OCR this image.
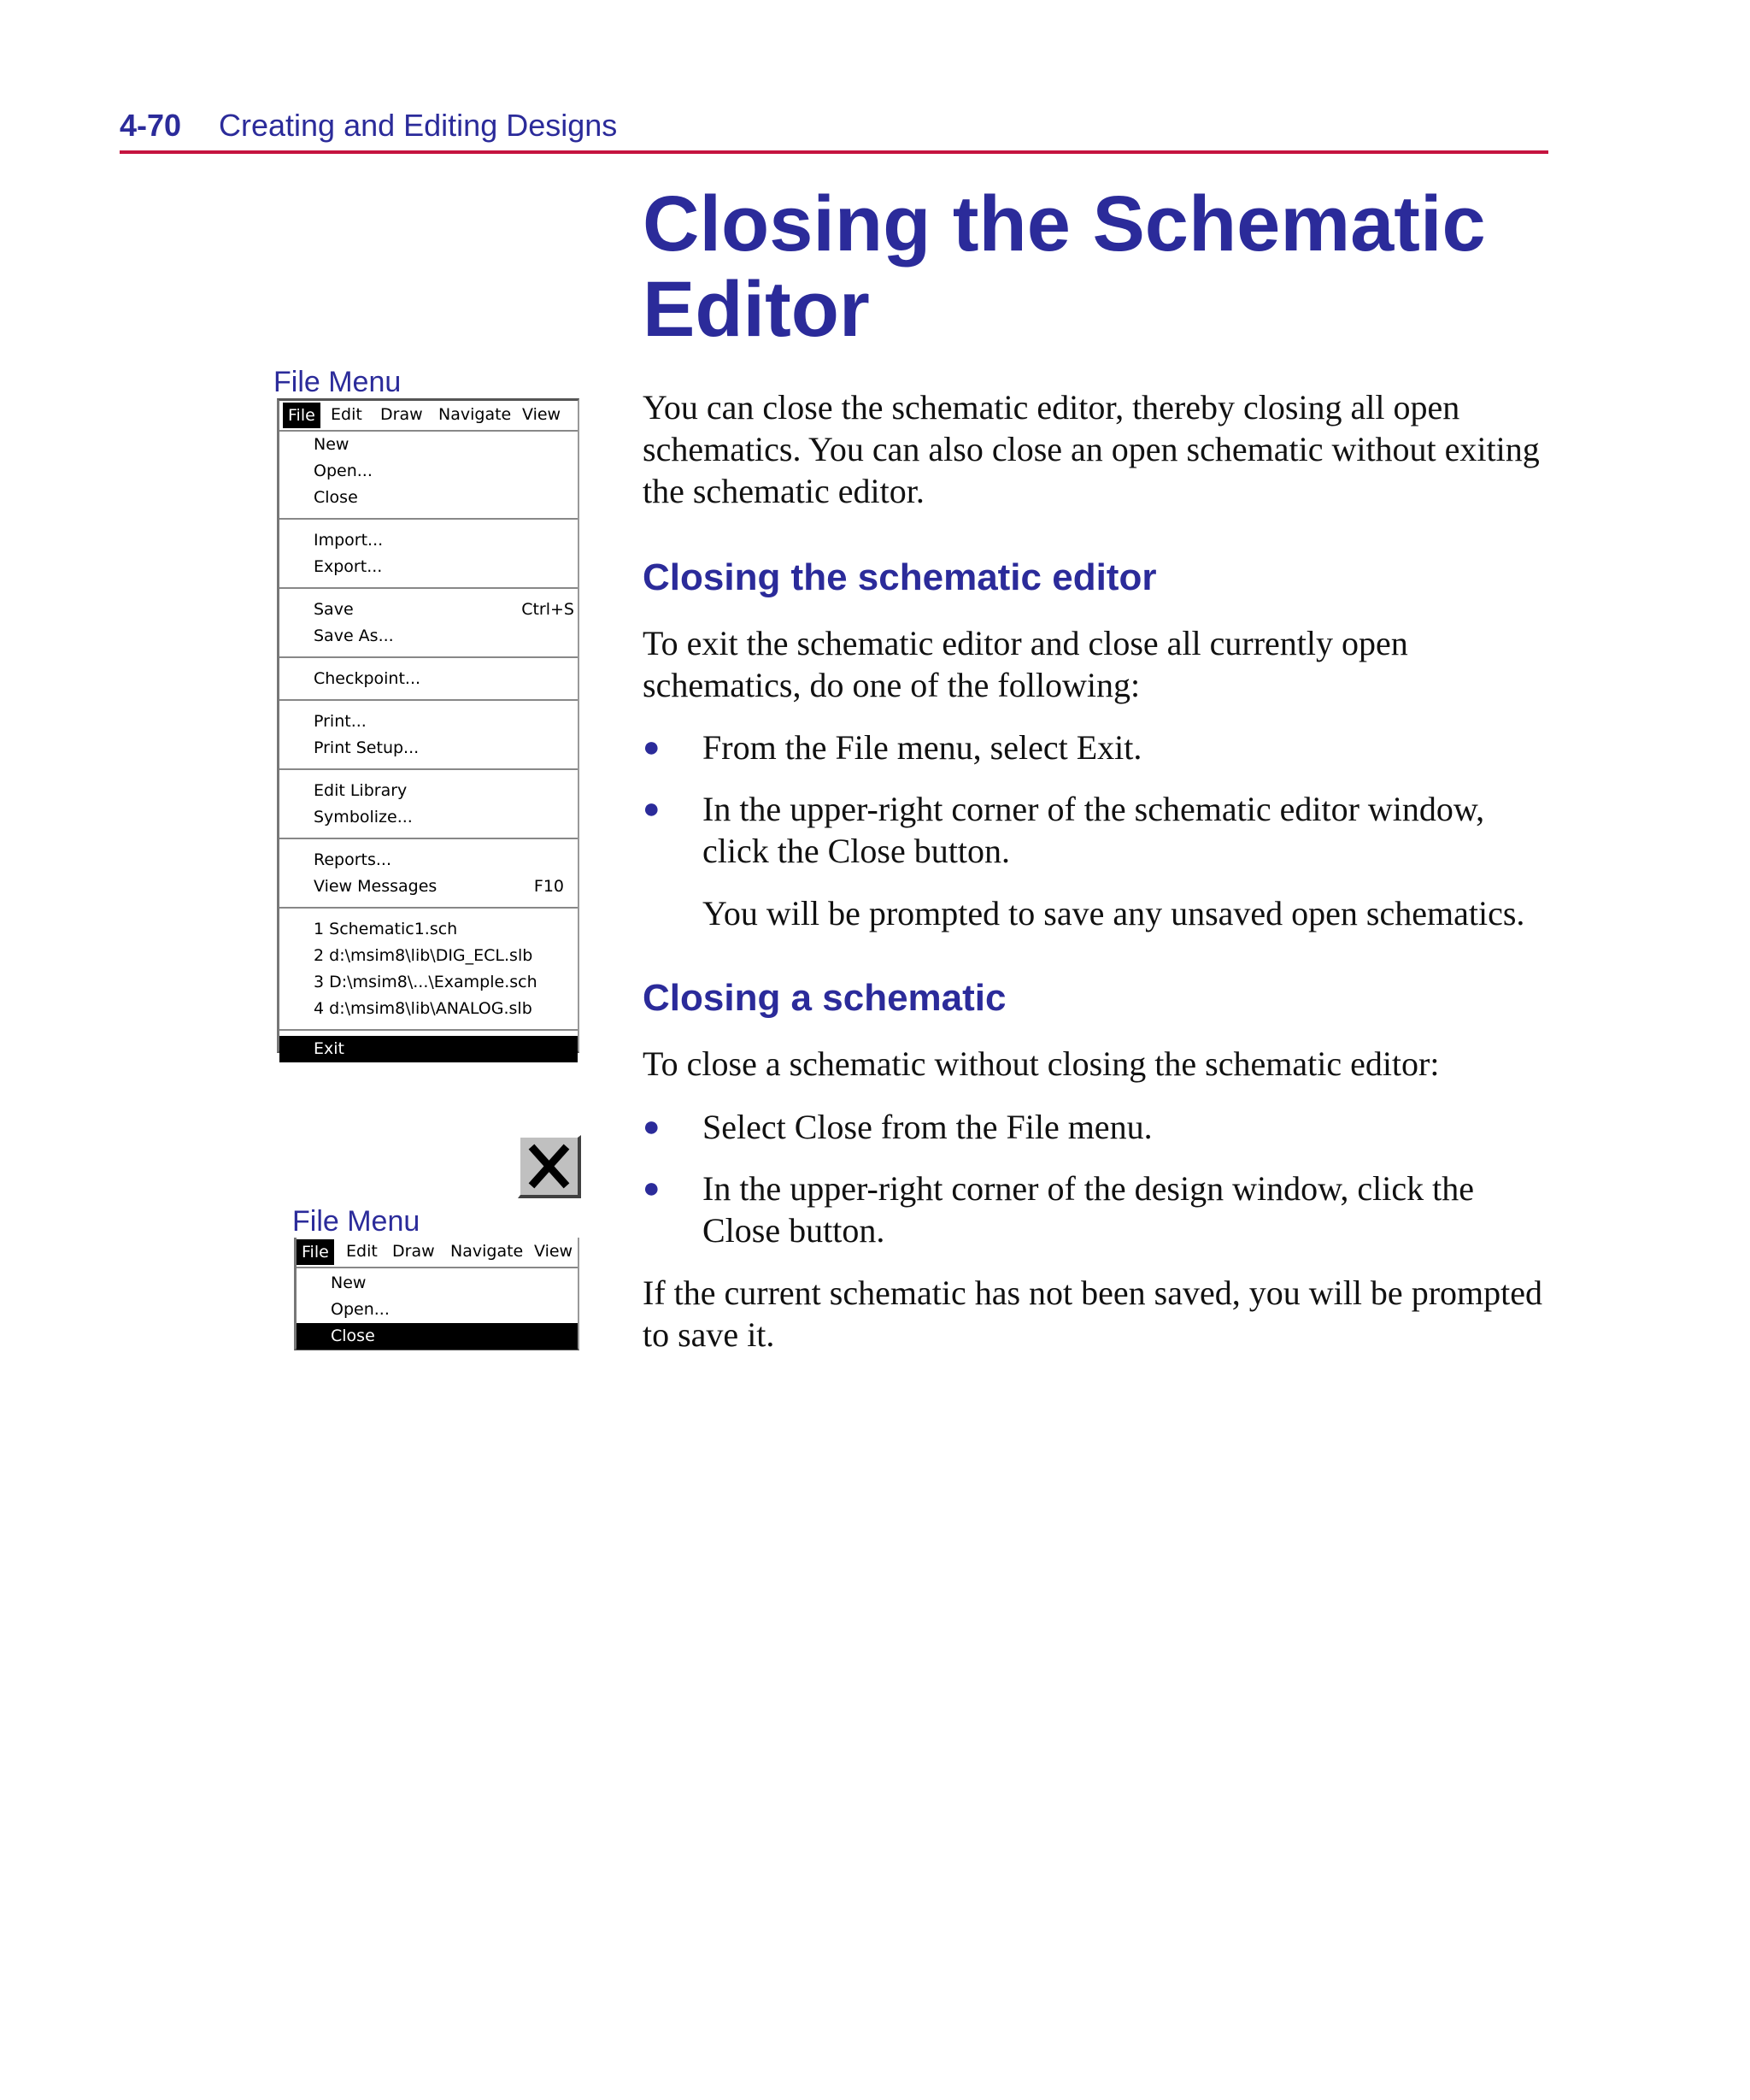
4-70 Creating and Editing Designs
Closing the Schematic Editor

You can close the schematic editor, thereby closing all open schematics. You can also close an open schematic without exiting the schematic editor.

Closing the schematic editor

To exit the schematic editor and close all currently open schematics, do one of the following:

● From the File menu, select Exit.
● In the upper-right corner of the schematic editor window, click the Close button.

You will be prompted to save any unsaved open schematics.

Closing a schematic

To close a schematic without closing the schematic editor:

● Select Close from the File menu.
● In the upper-right corner of the design window, click the Close button.

If the current schematic has not been saved, you will be prompted to save it.

File Menu
File Edit Draw Navigate View
New
Open...
Close
Import...
Export...
Save	Ctrl+S
Save As...
Checkpoint...
Print...
Print Setup...
Edit Library
Symbolize...
Reports...
View Messages	F10
1 Schematic1.sch
2 d:\msim8\lib\DIG_ECL.slb
3 D:\msim8\...\Example.sch
4 d:\msim8\lib\ANALOG.slb
Exit
File Menu
File	Edit Draw Navigate View
New
Open...
Close
